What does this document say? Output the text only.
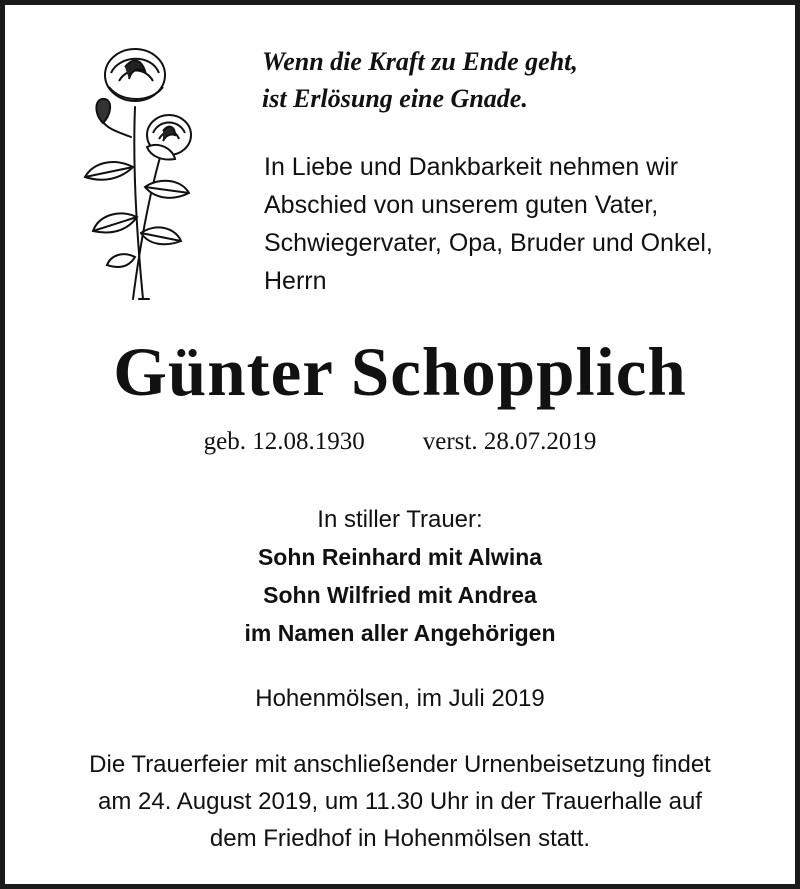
Wenn die Kraft zu Ende geht,
ist Erlösung eine Gnade.
In Liebe und Dankbarkeit nehmen wir
Abschied von unserem guten Vater,
Schwiegervater, Opa, Bruder und Onkel,
Herrn
Günter Schopplich
geb. 12.08.1930 verst. 28.07.2019
In stiller Trauer:
Sohn Reinhard mit Alwina
Sohn Wilfried mit Andrea
im Namen aller Angehörigen
Hohenmölsen, im Juli 2019
Die Trauerfeier mit anschließender Urnenbeisetzung findet
am 24. August 2019, um 11.30 Uhr in der Trauerhalle auf
dem Friedhof in Hohenmölsen statt.
